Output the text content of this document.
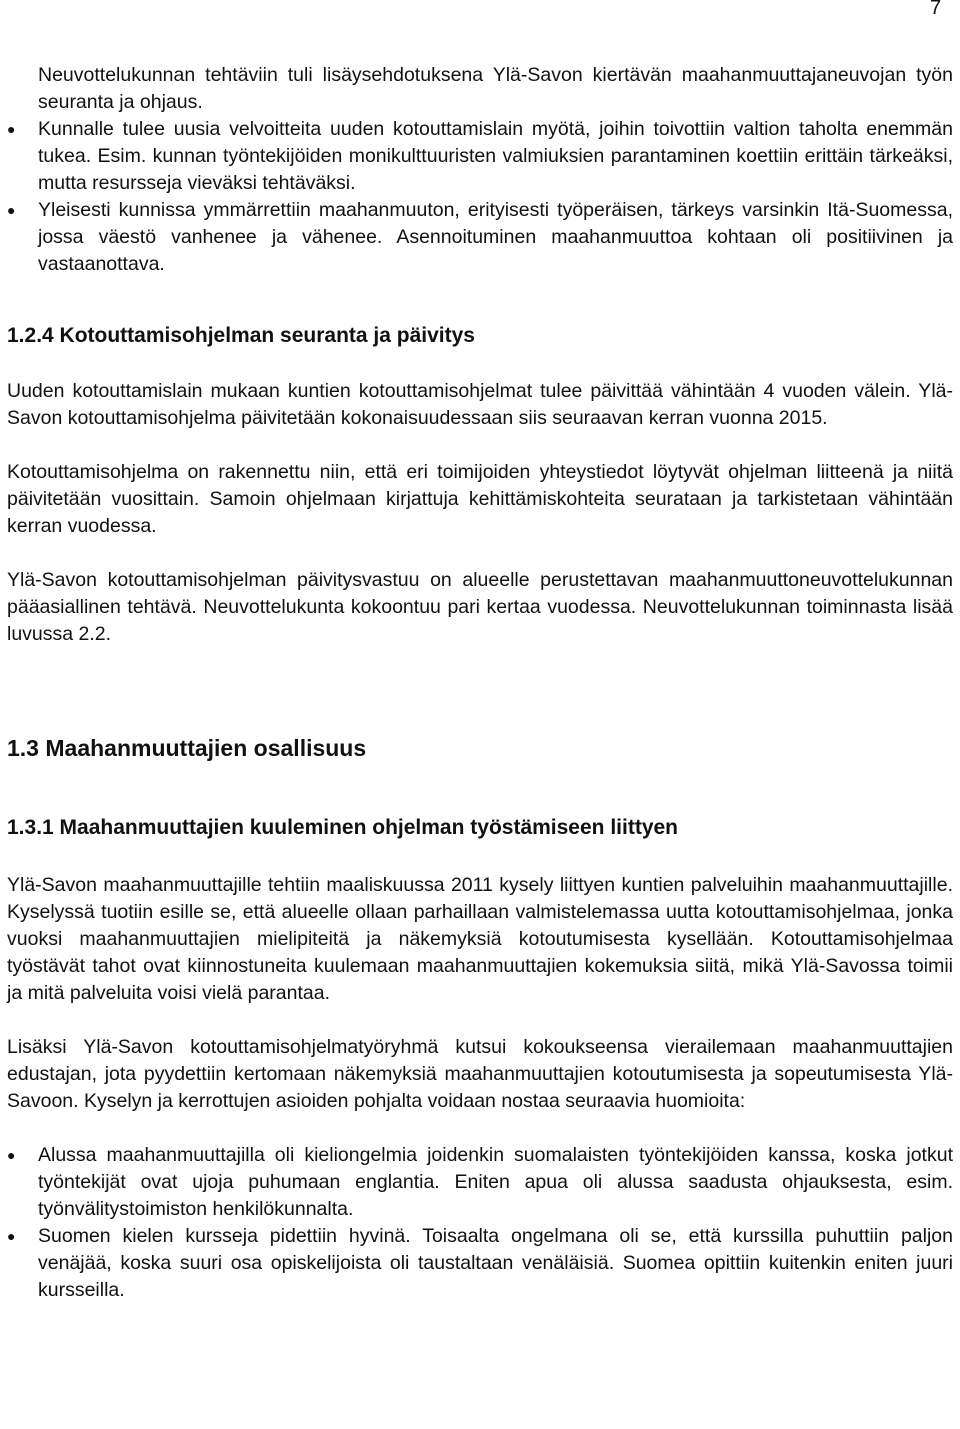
7

Neuvottelukunnan tehtäviin tuli lisäysehdotuksena Ylä-Savon kiertävän maahanmuuttajaneuvojan työn seuranta ja ohjaus.

●	Kunnalle tulee uusia velvoitteita uuden kotouttamislain myötä, joihin toivottiin valtion taholta enemmän tukea. Esim. kunnan työntekijöiden monikulttuuristen valmiuksien parantaminen koettiin erittäin tärkeäksi, mutta resursseja vieväksi tehtäväksi.
●	Yleisesti kunnissa ymmärrettiin maahanmuuton, erityisesti työperäisen, tärkeys varsinkin Itä-Suomessa, jossa väestö vanhenee ja vähenee. Asennoituminen maahanmuuttoa kohtaan oli positiivinen ja vastaanottava.
1.2.4 Kotouttamisohjelman seuranta ja päivitys

Uuden kotouttamislain mukaan kuntien kotouttamisohjelmat tulee päivittää vähintään 4 vuoden välein. Ylä-Savon kotouttamisohjelma päivitetään kokonaisuudessaan siis seuraavan kerran vuonna 2015.

Kotouttamisohjelma on rakennettu niin, että eri toimijoiden yhteystiedot löytyvät ohjelman liitteenä ja niitä päivitetään vuosittain. Samoin ohjelmaan kirjattuja kehittämiskohteita seurataan ja tarkistetaan vähintään kerran vuodessa.

Ylä-Savon kotouttamisohjelman päivitysvastuu on alueelle perustettavan maahanmuuttoneuvottelukunnan pääasiallinen tehtävä. Neuvottelukunta kokoontuu pari kertaa vuodessa. Neuvottelukunnan toiminnasta lisää luvussa 2.2.

1.3 Maahanmuuttajien osallisuus
1.3.1 Maahanmuuttajien kuuleminen ohjelman työstämiseen liittyen

Ylä-Savon maahanmuuttajille tehtiin maaliskuussa 2011 kysely liittyen kuntien palveluihin maahanmuuttajille. Kyselyssä tuotiin esille se, että alueelle ollaan parhaillaan valmistelemassa uutta kotouttamisohjelmaa, jonka vuoksi maahanmuuttajien mielipiteitä ja näkemyksiä kotoutumisesta kysellään. Kotouttamisohjelmaa työstävät tahot ovat kiinnostuneita kuulemaan maahanmuuttajien kokemuksia siitä, mikä Ylä-Savossa toimii ja mitä palveluita voisi vielä parantaa.

Lisäksi Ylä-Savon kotouttamisohjelmatyöryhmä kutsui kokoukseensa vierailemaan maahanmuuttajien edustajan, jota pyydettiin kertomaan näkemyksiä maahanmuuttajien kotoutumisesta ja sopeutumisesta Ylä-Savoon. Kyselyn ja kerrottujen asioiden pohjalta voidaan nostaa seuraavia huomioita:

●	Alussa maahanmuuttajilla oli kieliongelmia joidenkin suomalaisten työntekijöiden kanssa, koska jotkut työntekijät ovat ujoja puhumaan englantia. Eniten apua oli alussa saadusta ohjauksesta, esim. työnvälitystoimiston henkilökunnalta.
●	Suomen kielen kursseja pidettiin hyvinä. Toisaalta ongelmana oli se, että kurssilla puhuttiin paljon venäjää, koska suuri osa opiskelijoista oli taustaltaan venäläisiä. Suomea opittiin kuitenkin eniten juuri kursseilla.
